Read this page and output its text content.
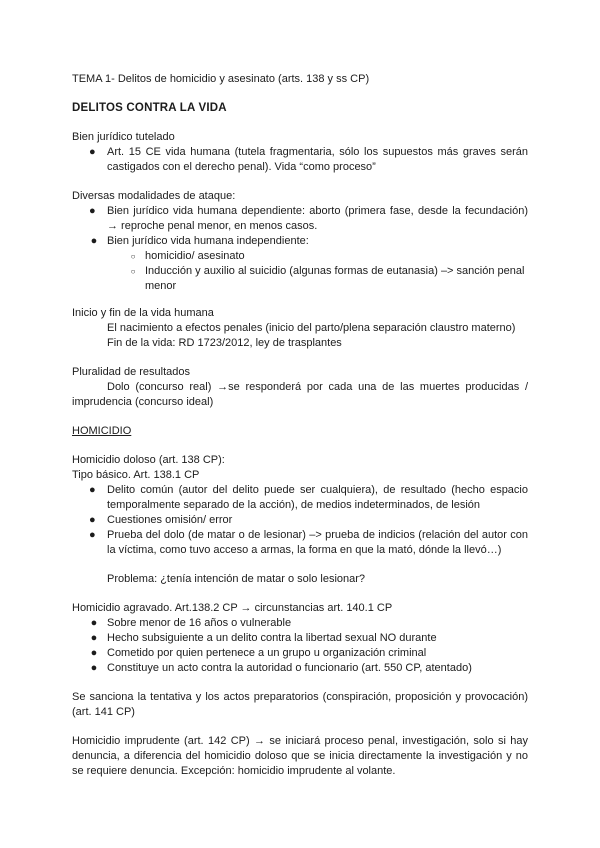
TEMA 1- Delitos de homicidio y asesinato (arts. 138 y ss CP)

DELITOS CONTRA LA VIDA

Bien jurídico tutelado

●	Art. 15 CE vida humana (tutela fragmentaria, sólo los supuestos más graves serán castigados con el derecho penal). Vida “como proceso”

Diversas modalidades de ataque:

●	Bien jurídico vida humana dependiente: aborto (primera fase, desde la fecundación) → reproche penal menor, en menos casos.
● Bien jurídico vida humana independiente:
○ homicidio/ asesinato
○ Inducción y auxilio al suicidio (algunas formas de eutanasia) –> sanción penal menor

Inicio y fin de la vida humana

El nacimiento a efectos penales (inicio del parto/plena separación claustro materno)

Fin de la vida: RD 1723/2012, ley de trasplantes

Pluralidad de resultados

Dolo (concurso real) →se responderá por cada una de las muertes producidas / imprudencia (concurso ideal)

HOMICIDIO

Homicidio doloso (art. 138 CP):

Tipo básico. Art. 138.1 CP

●	Delito común (autor del delito puede ser cualquiera), de resultado (hecho espacio temporalmente separado de la acción), de medios indeterminados, de lesión
●	Cuestiones omisión/ error
●	Prueba del dolo (de matar o de lesionar) –> prueba de indicios (relación del autor con la víctima, como tuvo acceso a armas, la forma en que la mató, dónde la llevó…)

Problema: ¿tenía intención de matar o solo lesionar?

Homicidio agravado. Art.138.2 CP → circunstancias art. 140.1 CP

● Sobre menor de 16 años o vulnerable
● Hecho subsiguiente a un delito contra la libertad sexual NO durante
● Cometido por quien pertenece a un grupo u organización criminal
● Constituye un acto contra la autoridad o funcionario (art. 550 CP, atentado)

Se sanciona la tentativa y los actos preparatorios (conspiración, proposición y provocación) (art. 141 CP)

Homicidio imprudente (art. 142 CP) → se iniciará proceso penal, investigación, solo si hay denuncia, a diferencia del homicidio doloso que se inicia directamente la investigación y no se requiere denuncia. Excepción: homicidio imprudente al volante.
